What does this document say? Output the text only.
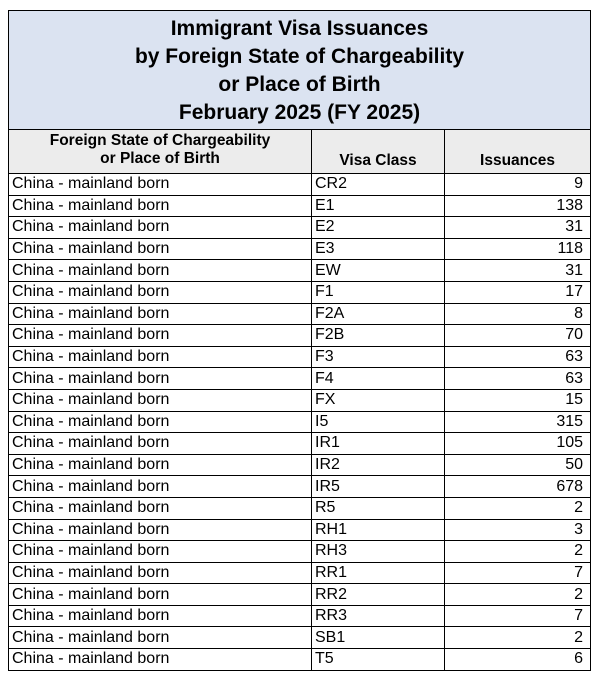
Immigrant Visa Issuances
by Foreign State of Chargeability
or Place of Birth
February 2025 (FY 2025)		

Foreign State of Chargeability
or Place of Birth	Visa Class	Issuances
China - mainland born	CR2	9
China - mainland born	E1	138
China - mainland born	E2	31
China - mainland born	E3	118
China - mainland born	EW	31
China - mainland born	F1	17
China - mainland born	F2A	8
China - mainland born	F2B	70
China - mainland born	F3	63
China - mainland born	F4	63
China - mainland born	FX	15
China - mainland born	I5	315
China - mainland born	IR1	105
China - mainland born	IR2	50
China - mainland born	IR5	678
China - mainland born	R5	2
China - mainland born	RH1	3
China - mainland born	RH3	2
China - mainland born	RR1	7
China - mainland born	RR2	2
China - mainland born	RR3	7
China - mainland born	SB1	2
China - mainland born	T5	6
